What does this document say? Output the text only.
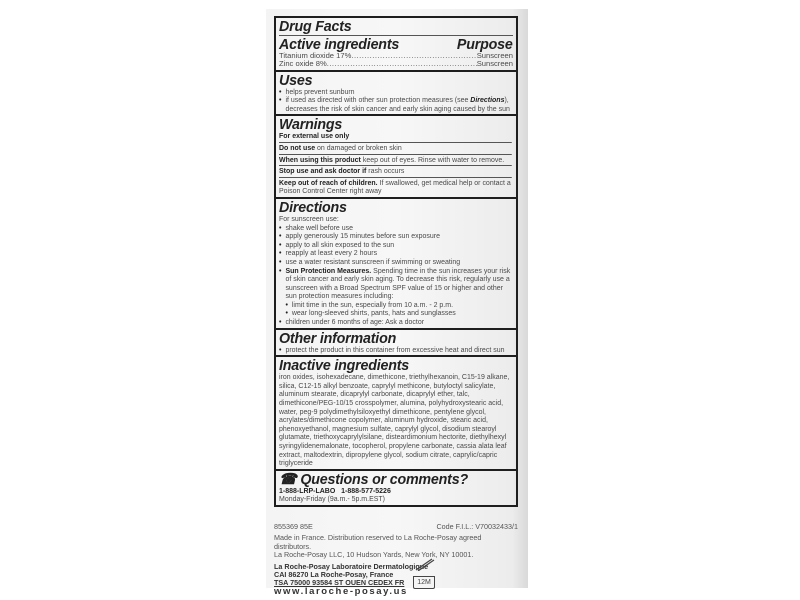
Drug Facts
Active ingredients	Purpose
Titanium dioxide 17% .....	Sunscreen
Zinc oxide 8% .....	Sunscreen
Uses
• helps prevent sunburn
• if used as directed with other sun protection measures (see Directions), decreases the risk of skin cancer and early skin aging caused by the sun
Warnings
For external use only
Do not use on damaged or broken skin
When using this product keep out of eyes. Rinse with water to remove.
Stop use and ask doctor if rash occurs
Keep out of reach of children. If swallowed, get medical help or contact a Poison Control Center right away
Directions
For sunscreen use:
• shake well before use
• apply generously 15 minutes before sun exposure
• apply to all skin exposed to the sun
• reapply at least every 2 hours
• use a water resistant sunscreen if swimming or sweating
• Sun Protection Measures. Spending time in the sun increases your risk of skin cancer and early skin aging. To decrease this risk, regularly use a sunscreen with a Broad Spectrum SPF value of 15 or higher and other sun protection measures including:
• limit time in the sun, especially from 10 a.m. - 2 p.m.
• wear long-sleeved shirts, pants, hats and sunglasses
• children under 6 months of age: Ask a doctor
Other information
• protect the product in this container from excessive heat and direct sun
Inactive ingredients
iron oxides, isohexadecane, dimethicone, triethylhexanoin, C15-19 alkane, silica, C12-15 alkyl benzoate, caprylyl methicone, butyloctyl salicylate, aluminum stearate, dicaprylyl carbonate, dicaprylyl ether, talc, dimethicone/PEG-10/15 crosspolymer, alumina, polyhydroxystearic acid, water, peg-9 polydimethylsiloxyethyl dimethicone, pentylene glycol, acrylates/dimethicone copolymer, aluminum hydroxide, stearic acid, phenoxyethanol, magnesium sulfate, caprylyl glycol, disodium stearoyl glutamate, triethoxycaprylylsilane, disteardimonium hectorite, diethylhexyl syringylidenemalonate, tocopherol, propylene carbonate, cassia alata leaf extract, maltodextrin, dipropylene glycol, sodium citrate, caprylic/capric triglyceride
☎ Questions or comments?
1-888-LRP-LABO   1-888-577-5226
Monday-Friday (9a.m.- 5p.m.EST)
855369 85E	Code F.I.L.: V70032433/1
Made in France. Distribution reserved to La Roche-Posay agreed distributors.
La Roche-Posay LLC, 10 Hudson Yards, New York, NY 10001.
La Roche-Posay Laboratoire Dermatologique
CAI 86270 La Roche-Posay, France
TSA 75000 93584 ST OUEN CEDEX FR
www.laroche-posay.us
12M
